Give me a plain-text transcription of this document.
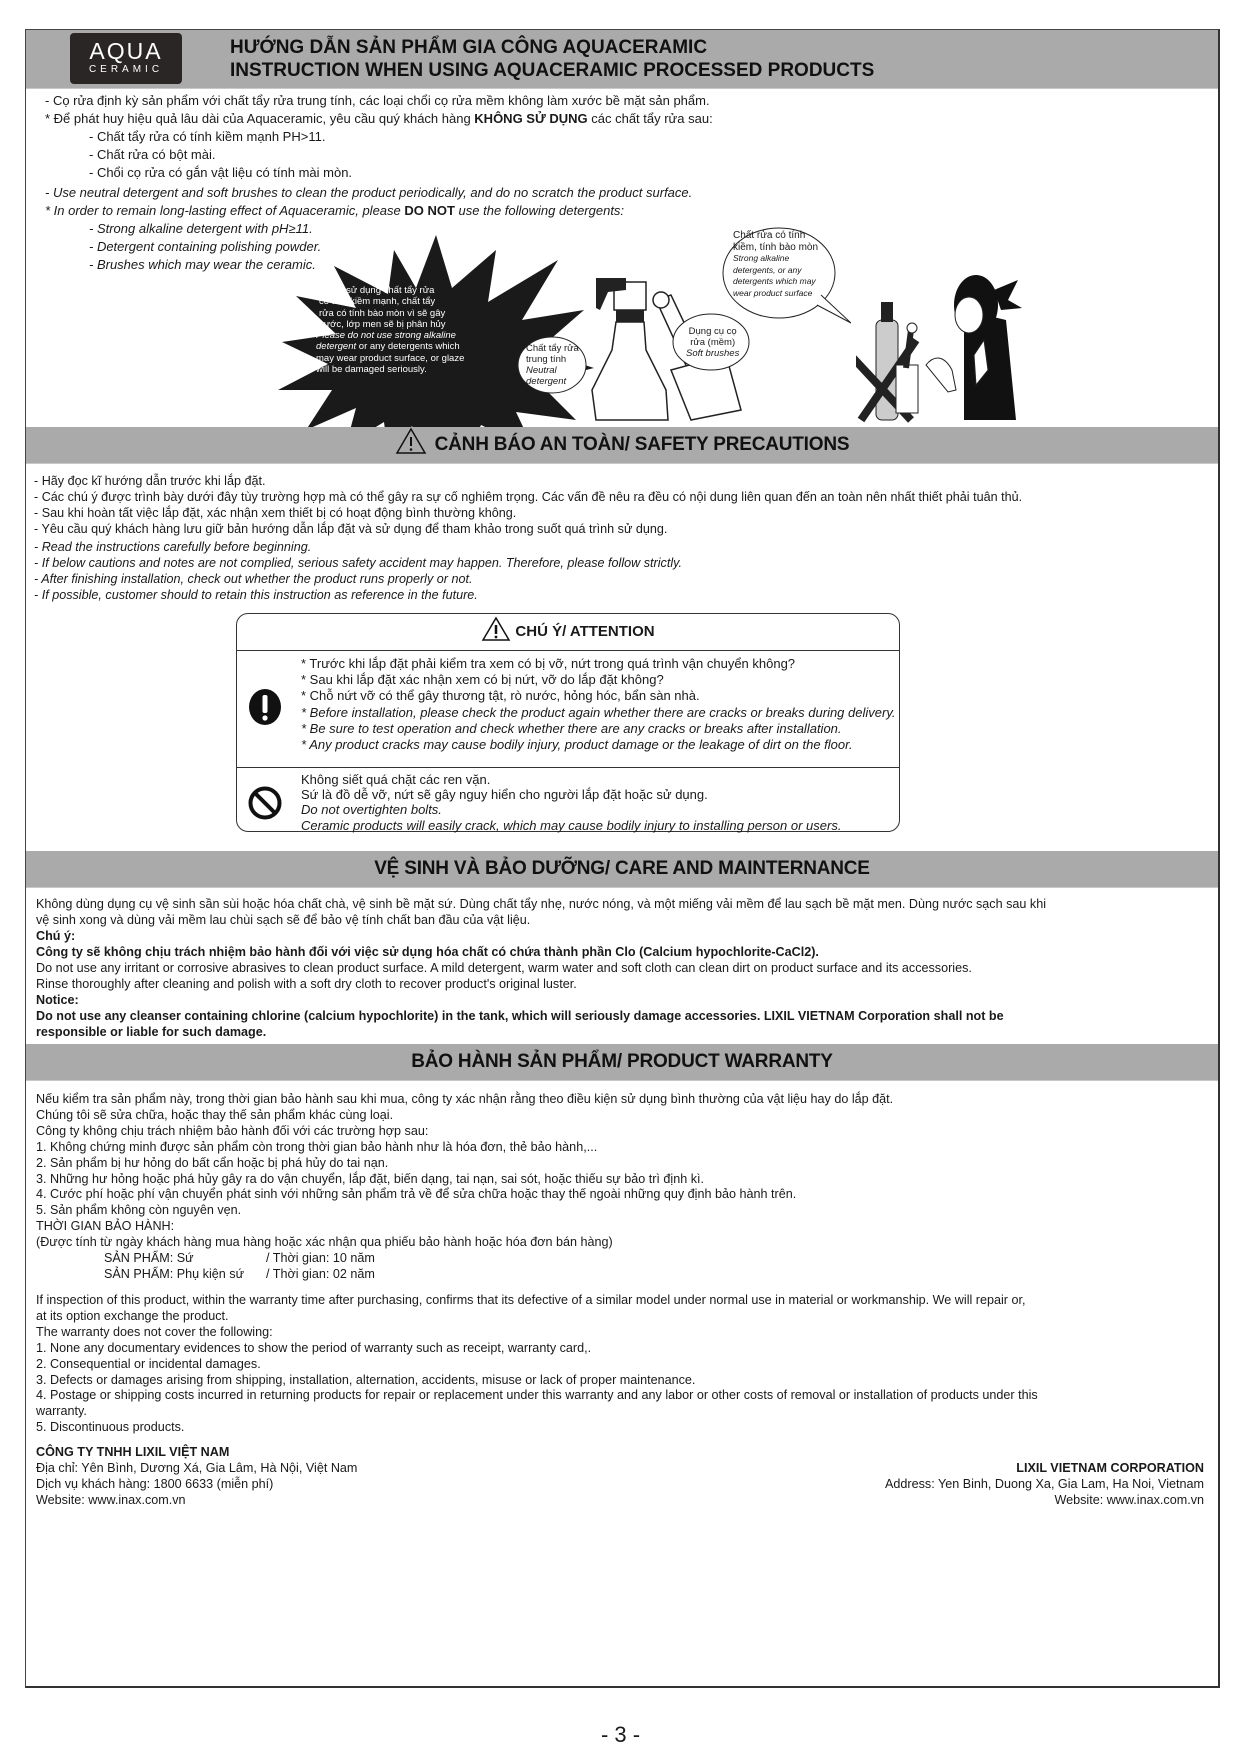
AQUA
CERAMIC
HƯỚNG DẪN SẢN PHẨM GIA CÔNG AQUACERAMIC
INSTRUCTION WHEN USING AQUACERAMIC PROCESSED PRODUCTS

- Cọ rửa định kỳ sản phẩm với chất tẩy rửa trung tính, các loại chổi cọ rửa mềm không làm xước bề mặt sản phẩm.

* Để phát huy hiệu quả lâu dài của Aquaceramic, yêu cầu quý khách hàng KHÔNG SỬ DỤNG các chất tẩy rửa sau:

- Chất tẩy rửa có tính kiềm mạnh PH>11.

- Chất rửa có bột mài.

- Chổi cọ rửa có gắn vật liệu có tính mài mòn.

- Use neutral detergent and soft brushes to clean the product periodically, and do no scratch the product surface.

* In order to remain long-lasting effect of Aquaceramic, please DO NOT use the following detergents:

- Strong alkaline detergent with pH≥11.

- Detergent containing polishing powder.

- Brushes which may wear the ceramic.

Không sử dụng chất tẩy rửa
có tính kiềm mạnh, chất tẩy
rửa có tính bào mòn vì sẽ gây
xước, lớp men sẽ bị phân hủy
Please do not use strong alkaline
detergent or any detergents which
may wear product surface, or glaze
will be damaged seriously.
Chất tẩy rửa
trung tính
Neutral
detergent
Dụng cụ cọ
rửa (mềm)
Soft brushes
Chất rửa có tính
kiềm, tính bào mòn
Strong alkaline
detergents, or any
detergents which may
wear product surface
CẢNH BÁO AN TOÀN/ SAFETY PRECAUTIONS

- Hãy đọc kĩ hướng dẫn trước khi lắp đặt.

- Các chú ý được trình bày dưới đây tùy trường hợp mà có thể gây ra sự cố nghiêm trọng. Các vấn đề nêu ra đều có nội dung liên quan đến an toàn nên nhất thiết phải tuân thủ.

- Sau khi hoàn tất việc lắp đặt, xác nhận xem thiết bị có hoạt động bình thường không.

- Yêu cầu quý khách hàng lưu giữ bản hướng dẫn lắp đặt và sử dụng để tham khảo trong suốt quá trình sử dụng.

- Read the instructions carefully before beginning.

- If below cautions and notes are not complied, serious safety accident may happen. Therefore, please follow strictly.

- After finishing installation, check out whether the product runs properly or not.

- If possible, customer should to retain this instruction as reference in the future.

CHÚ Ý/ ATTENTION
* Trước khi lắp đặt phải kiểm tra xem có bị vỡ, nứt trong quá trình vận chuyển không?
* Sau khi lắp đặt xác nhận xem có bị nứt, vỡ do lắp đặt không?
* Chỗ nứt vỡ có thể gây thương tật, rò nước, hỏng hóc, bẩn sàn nhà.
* Before installation, please check the product again whether there are cracks or breaks during delivery.
* Be sure to test operation and check whether there are any cracks or breaks after installation.
* Any product cracks may cause bodily injury, product damage or the leakage of dirt on the floor.
Không siết quá chặt các ren vặn.
Sứ là đồ dễ vỡ, nứt sẽ gây nguy hiển cho người lắp đặt hoặc sử dụng.
Do not overtighten bolts.
Ceramic products will easily crack, which may cause bodily injury to installing person or users.
VỆ SINH VÀ BẢO DƯỠNG/ CARE AND MAINTERNANCE

Không dùng dụng cụ vệ sinh sần sùi hoặc hóa chất chà, vệ sinh bề mặt sứ. Dùng chất tẩy nhẹ, nước nóng, và một miếng vải mềm để lau sạch bề mặt men. Dùng nước sạch sau khi

vệ sinh xong và dùng vải mềm lau chùi sạch sẽ để bảo vệ tính chất ban đầu của vật liệu.

Chú ý:

Công ty sẽ không chịu trách nhiệm bảo hành đối với việc sử dụng hóa chất có chứa thành phần Clo (Calcium hypochlorite-CaCl2).

Do not use any irritant or corrosive abrasives to clean product surface. A mild detergent, warm water and soft cloth can clean dirt on product surface and its accessories.

Rinse thoroughly after cleaning and polish with a soft dry cloth to recover product's original luster.

Notice:

Do not use any cleanser containing chlorine (calcium hypochlorite) in the tank, which will seriously damage accessories. LIXIL VIETNAM Corporation shall not be

responsible or liable for such damage.

BẢO HÀNH SẢN PHẨM/ PRODUCT WARRANTY

Nếu kiểm tra sản phẩm này, trong thời gian bảo hành sau khi mua, công ty xác nhận rằng theo điều kiện sử dụng bình thường của vật liệu hay do lắp đặt.

Chúng tôi sẽ sửa chữa, hoặc thay thế sản phẩm khác cùng loại.

Công ty không chịu trách nhiệm bảo hành đối với các trường hợp sau:

1. Không chứng minh được sản phẩm còn trong thời gian bảo hành như là hóa đơn, thẻ bảo hành,...

2. Sản phẩm bị hư hỏng do bất cẩn hoặc bị phá hủy do tai nạn.

3. Những hư hỏng hoặc phá hủy gây ra do vận chuyển, lắp đặt, biến dạng, tai nạn, sai sót, hoặc thiếu sự bảo trì định kì.

4. Cước phí hoặc phí vận chuyển phát sinh với những sản phẩm trả về để sửa chữa hoặc thay thế ngoài những quy định bảo hành trên.

5. Sản phẩm không còn nguyên vẹn.

THỜI GIAN BẢO HÀNH:

(Được tính từ ngày khách hàng mua hàng hoặc xác nhận qua phiếu bảo hành hoặc hóa đơn bán hàng)

SẢN PHẨM: Sứ	/ Thời gian: 10 năm

SẢN PHẨM: Phụ kiện sứ / Thời gian: 02 năm

If inspection of this product, within the warranty time after purchasing, confirms that its defective of a similar model under normal use in material or workmanship. We will repair or,

at its option exchange the product.

The warranty does not cover the following:

1. None any documentary evidences to show the period of warranty such as receipt, warranty card,.

2. Consequential or incidental damages.

3. Defects or damages arising from shipping, installation, alternation, accidents, misuse or lack of proper maintenance.

4. Postage or shipping costs incurred in returning products for repair or replacement under this warranty and any labor or other costs of removal or installation of products under this

warranty.

5. Discontinuous products.

CÔNG TY TNHH LIXIL VIỆT NAM

Địa chỉ: Yên Bình, Dương Xá, Gia Lâm, Hà Nội, Việt Nam

Dịch vụ khách hàng: 1800 6633 (miễn phí)

Website: www.inax.com.vn

LIXIL VIETNAM CORPORATION

Address: Yen Binh, Duong Xa, Gia Lam, Ha Noi, Vietnam

Website: www.inax.com.vn

- 3 -
